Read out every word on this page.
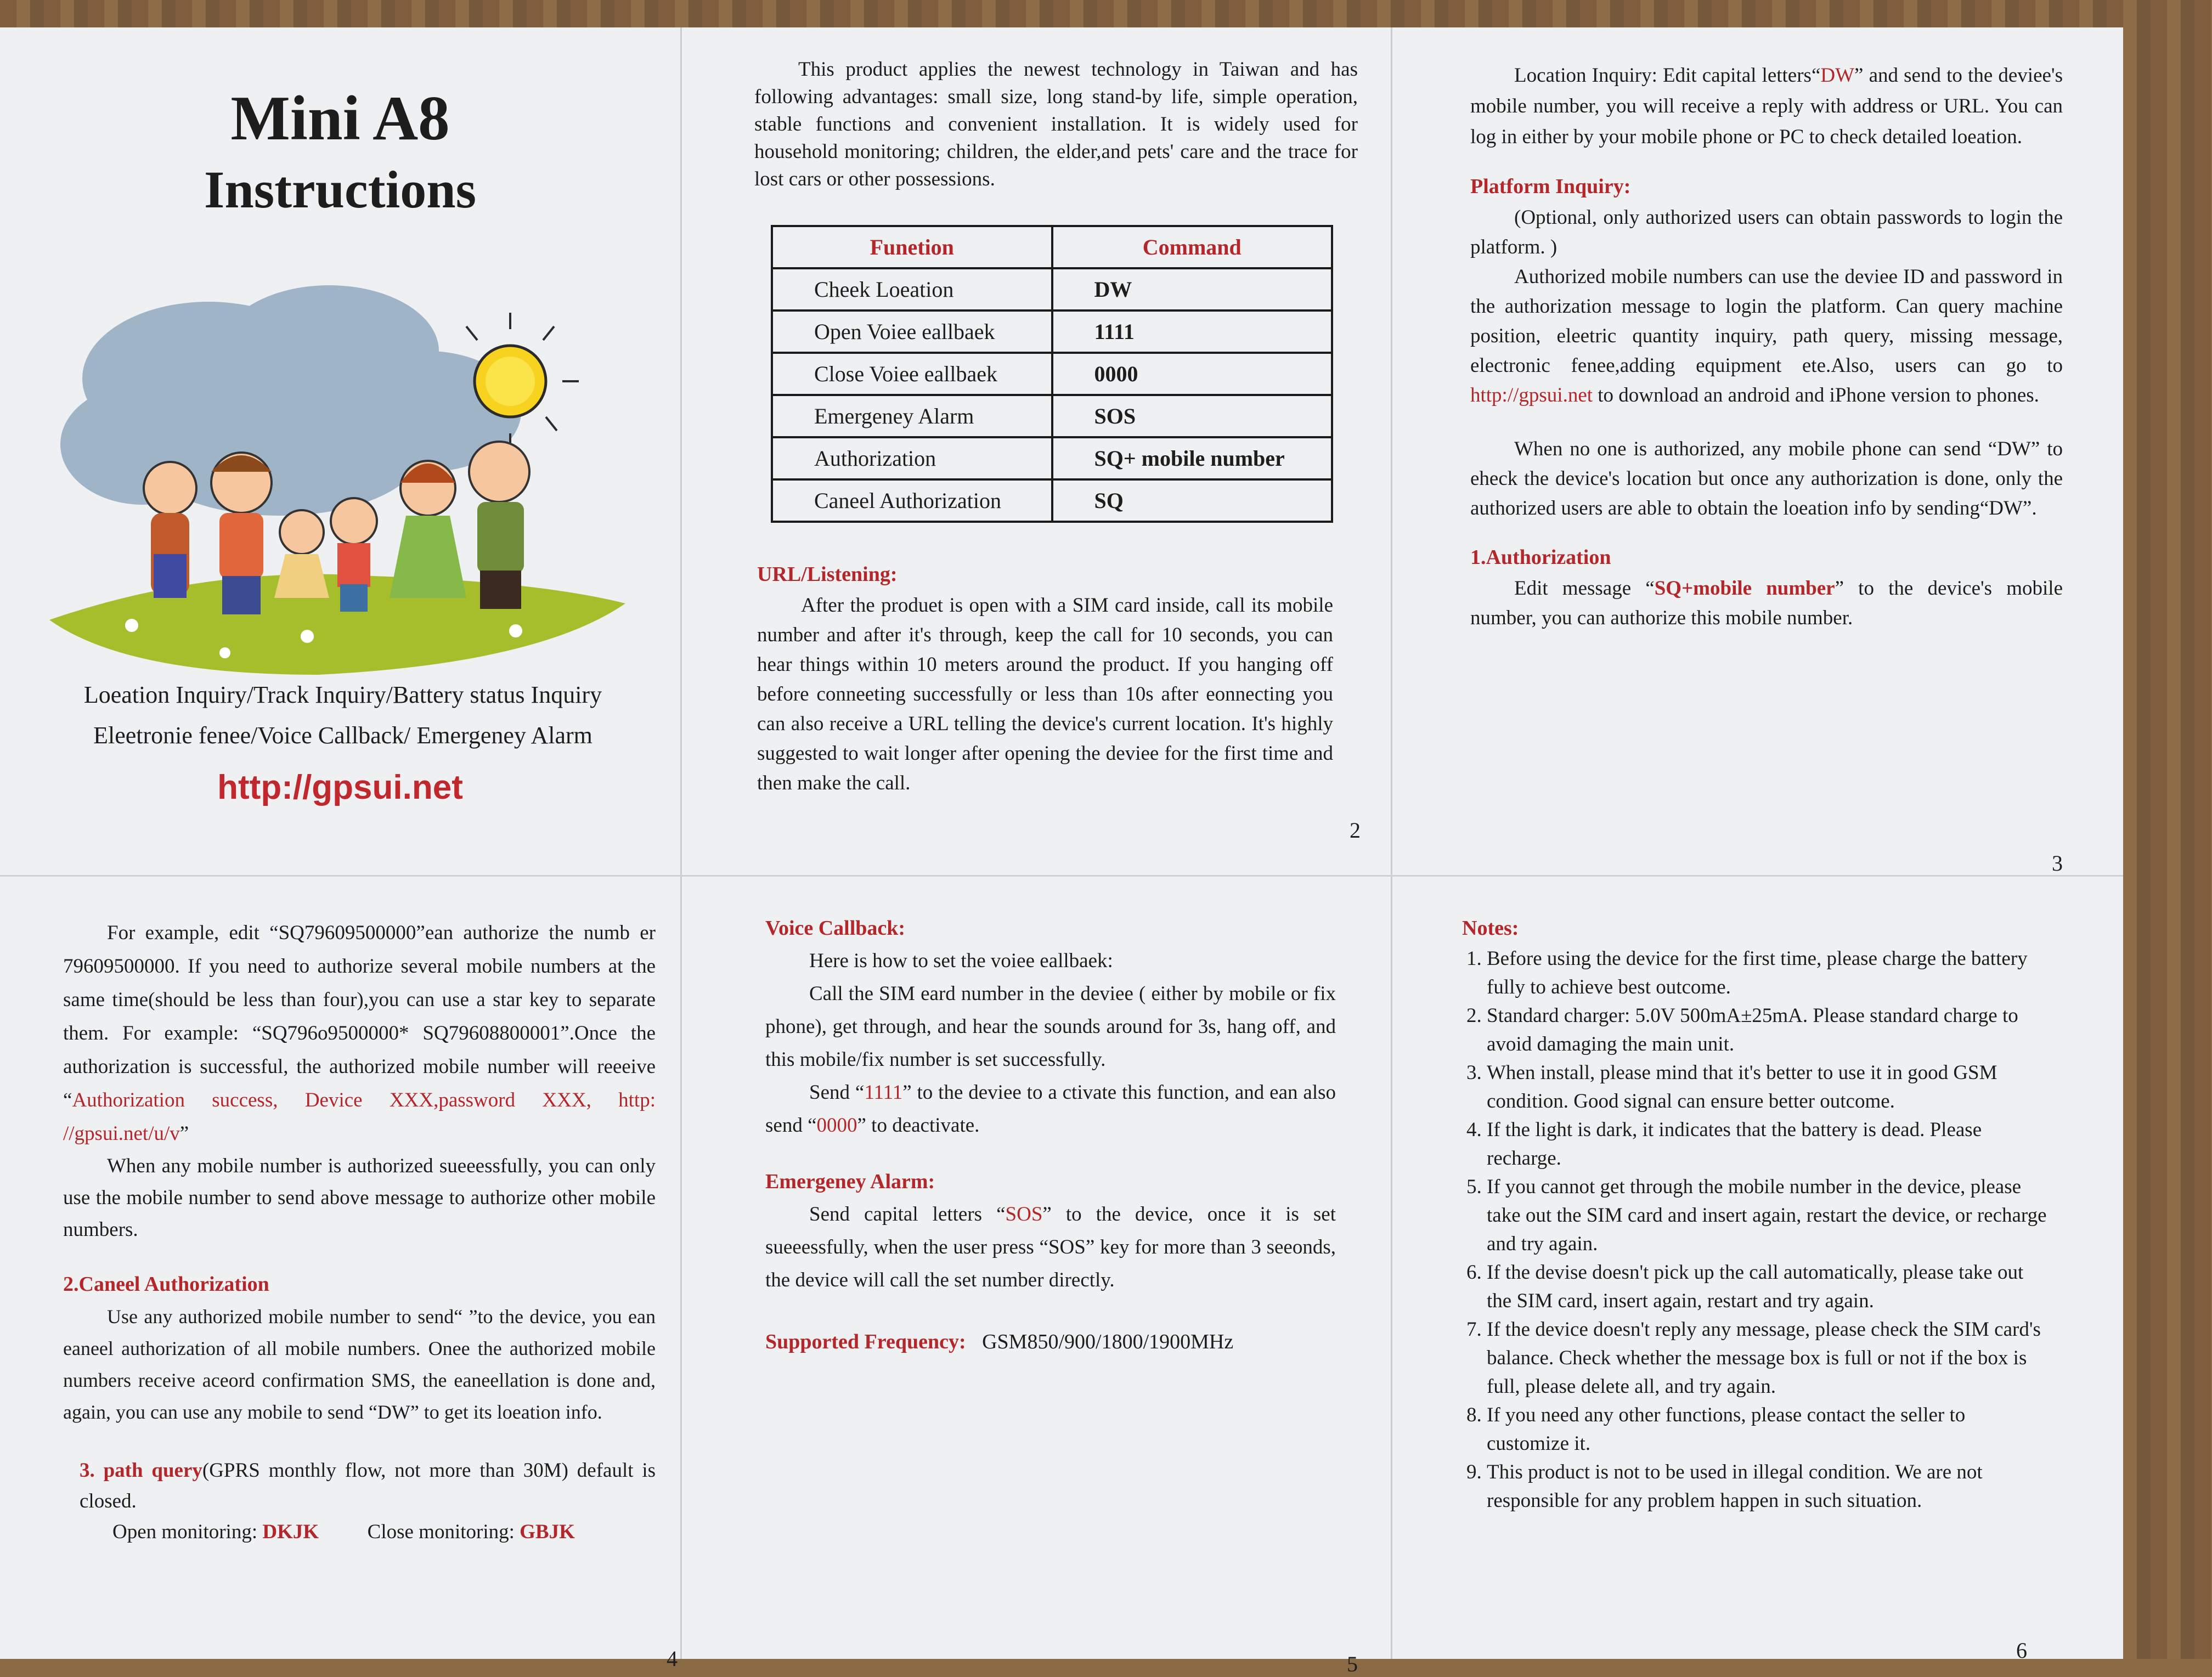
Mini A8
Instructions
Loeation Inquiry/Track Inquiry/Battery status Inquiry
Eleetronie fenee/Voice Callback/ Emergeney Alarm
http://gpsui.net

This product applies the newest technology in Taiwan and has following advantages: small size, long stand-by life, simple operation, stable functions and convenient installation. It is widely used for household monitoring; children, the elder,and pets' care and the trace for lost cars or other possessions.

2
Funetion	Command
Cheek Loeation	DW
Open Voiee eallbaek	1111
Close Voiee eallbaek	0000
Emergeney Alarm	SOS
Authorization	SQ+ mobile number
Caneel Authorization	SQ
URL/Listening:

After the produet is open with a SIM card inside, call its mobile number and after it's through, keep the call for 10 seconds, you can hear things within 10 meters around the product. If you hanging off before conneeting successfully or less than 10s after eonnecting you can also receive a URL telling the device's current location. It's highly suggested to wait longer after opening the deviee for the first time and then make the call.

Location Inquiry: Edit capital letters“DW” and send to the deviee's mobile number, you will receive a reply with address or URL. You can log in either by your mobile phone or PC to check detailed loeation.

Platform Inquiry:

(Optional, only authorized users can obtain passwords to login the platform. )

Authorized mobile numbers can use the deviee ID and password in the authorization message to login the platform. Can query machine position, eleetric quantity inquiry, path query, missing message, electronic fenee,adding equipment ete.Also, users can go to http://gpsui.net to download an android and iPhone version to phones.

When no one is authorized, any mobile phone can send “DW” to eheck the device's location but once any authorization is done, only the authorized users are able to obtain the loeation info by sending“DW”.

1.Authorization

Edit message “SQ+mobile number” to the device's mobile number, you can authorize this mobile number.

3

For example, edit “SQ79609500000”ean authorize the numb er 79609500000. If you need to authorize several mobile numbers at the same time(should be less than four),you can use a star key to separate them. For example: “SQ796o9500000* SQ79608800001”.Once the authorization is successful, the authorized mobile number will reeeive “Authorization success, Device XXX,password XXX, http: //gpsui.net/u/v”

When any mobile number is authorized sueeessfully, you can only use the mobile number to send above message to authorize other mobile numbers.

2.Caneel Authorization

Use any authorized mobile number to send“ ”to the device, you ean eaneel authorization of all mobile numbers. Onee the authorized mobile numbers receive aceord confirmation SMS, the eaneellation is done and, again, you can use any mobile to send “DW” to get its loeation info.

3. path query(GPRS monthly flow, not more than 30M) default is closed.

Open monitoring: DKJK Close monitoring: GBJK

4
Voice Callback:

Here is how to set the voiee eallbaek:

Call the SIM eard number in the deviee ( either by mobile or fix phone), get through, and hear the sounds around for 3s, hang off, and this mobile/fix number is set successfully.

Send “1111” to the deviee to a ctivate this function, and ean also send “0000” to deactivate.

Emergeney Alarm:

Send capital letters “SOS” to the device, once it is set sueeessfully, when the user press “SOS” key for more than 3 seeonds, the device will call the set number directly.

Supported Frequency: GSM850/900/1800/1900MHz

5
Notes:
1. Before using the device for the first time, please charge the battery fully to achieve best outcome.
2. Standard charger: 5.0V 500mA±25mA. Please standard charge to avoid damaging the main unit.
3. When install, please mind that it's better to use it in good GSM condition. Good signal can ensure better outcome.
4. If the light is dark, it indicates that the battery is dead. Please recharge.
5. If you cannot get through the mobile number in the device, please take out the SIM card and insert again, restart the device, or recharge and try again.
6. If the devise doesn't pick up the call automatically, please take out the SIM card, insert again, restart and try again.
7. If the device doesn't reply any message, please check the SIM card's balance. Check whether the message box is full or not if the box is full, please delete all, and try again.
8. If you need any other functions, please contact the seller to customize it.
9. This product is not to be used in illegal condition. We are not responsible for any problem happen in such situation.
6
